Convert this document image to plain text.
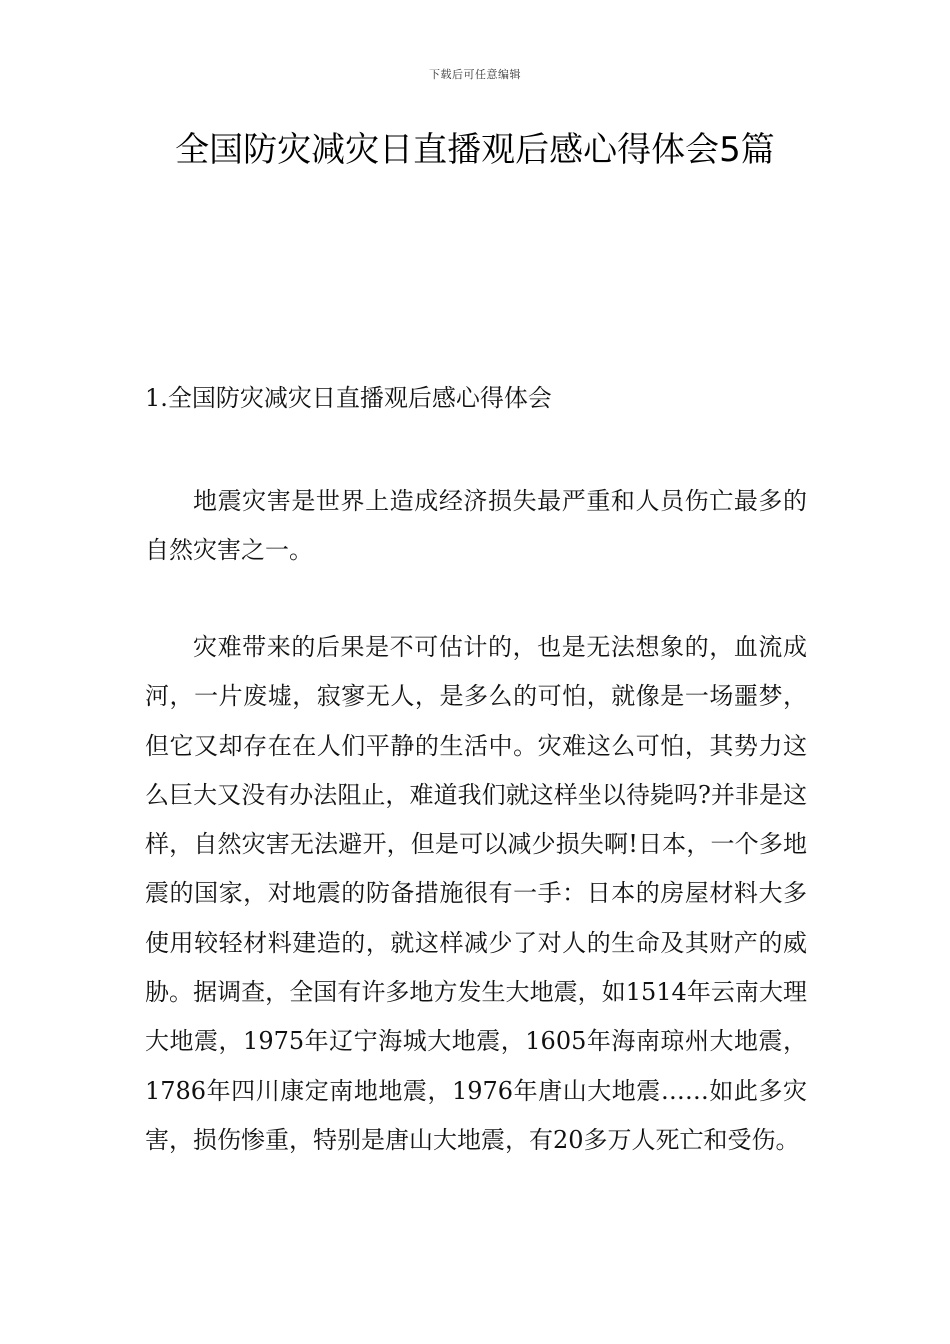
下载后可任意编辑
全国防灾减灾日直播观后感心得体会5篇
1.全国防灾减灾日直播观后感心得体会

地震灾害是世界上造成经济损失最严重和人员伤亡最多的自然灾害之一。

灾难带来的后果是不可估计的，也是无法想象的，血流成河，一片废墟，寂寥无人，是多么的可怕，就像是一场噩梦，但它又却存在在人们平静的生活中。灾难这么可怕，其势力这么巨大又没有办法阻止，难道我们就这样坐以待毙吗?并非是这样，自然灾害无法避开，但是可以减少损失啊!日本，一个多地震的国家，对地震的防备措施很有一手：日本的房屋材料大多使用较轻材料建造的，就这样减少了对人的生命及其财产的威胁。据调查，全国有许多地方发生大地震，如1514年云南大理大地震，1975年辽宁海城大地震，1605年海南琼州大地震，1786年四川康定南地地震，1976年唐山大地震……如此多灾害，损伤惨重，特别是唐山大地震，有20多万人死亡和受伤。
